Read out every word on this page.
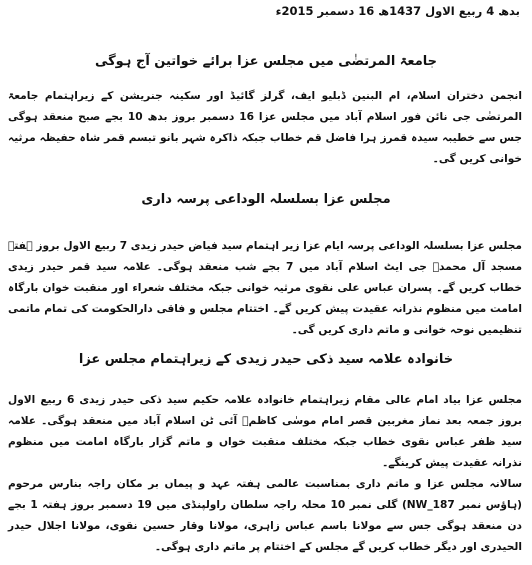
بدھ 4 ربیع الاول 1437ھ 16 دسمبر 2015ء
جامعۃ المرتضٰی میں مجلس عزا برائے خواتین آج ہوگی
انجمن دختران اسلام، ام البنین ڈبلیو ایف، گرلز گائیڈ اور سکینہ جنریشن کے زیراہتمام جامعۃ المرتضٰی جی نائن فور اسلام آباد میں مجلس عزا 16 دسمبر بروز بدھ 10 بجے صبح منعقد ہوگی جس سے خطیبہ سیدہ قمرز ہرا فاضل قم خطاب جبکہ ذاکرہ شہر بانو تبسم قمر شاہ حفیظہ مرثیہ خوانی کریں گی۔
مجلس عزا بسلسلہ الوداعی پرسہ داری
مجلس عزا بسلسلہ الوداعی پرسہ ایام عزا زیر اہتمام سید فیاض حیدر زیدی 7 ربیع الاول بروز ہفتہ مسجد آل محمدؐ جی ایٹ اسلام آباد میں 7 بجے شب منعقد ہوگی۔ علامہ سید قمر حیدر زیدی خطاب کریں گے۔ پسران عباس علی نقوی مرثیہ خوانی جبکہ مختلف شعراء اور منقبت خوان بارگاہ امامت میں منظوم نذرانہ عقیدت پیش کریں گے۔ اختتام مجلس و فاقی دارالحکومت کی تمام ماتمی تنظیمیں نوحہ خوانی و ماتم داری کریں گی۔
خانوادہ علامہ سید ذکی حیدر زیدی کے زیراہتمام مجلس عزا
مجلس عزا بیاد امام عالی مقام زیراہتمام خانوادہ علامہ حکیم سید ذکی حیدر زیدی 6 ربیع الاول بروز جمعہ بعد نماز مغربین قصر امام موسٰی کاظمؑ آئی ٹن اسلام آباد میں منعقد ہوگی۔ علامہ سید ظفر عباس نقوی خطاب جبکہ مختلف منقبت خواں و ماتم گزار بارگاہ امامت میں منظوم نذرانہ عقیدت پیش کرینگے۔
سالانہ مجلس عزا و ماتم داری بمناسبت عالمی ہفتہ عہد و پیماں بر مکان راجہ بنارس مرحوم (ہاؤس نمبر NW_187) گلی نمبر 10 محلہ راجہ سلطان راولپنڈی میں 19 دسمبر بروز ہفتہ 1 بجے دن منعقد ہوگی جس سے مولانا باسم عباس زاہری، مولانا وقار حسین نقوی، مولانا اجلال حیدر الحیدری اور دیگر خطاب کریں گے مجلس کے اختتام پر ماتم داری ہوگی۔
